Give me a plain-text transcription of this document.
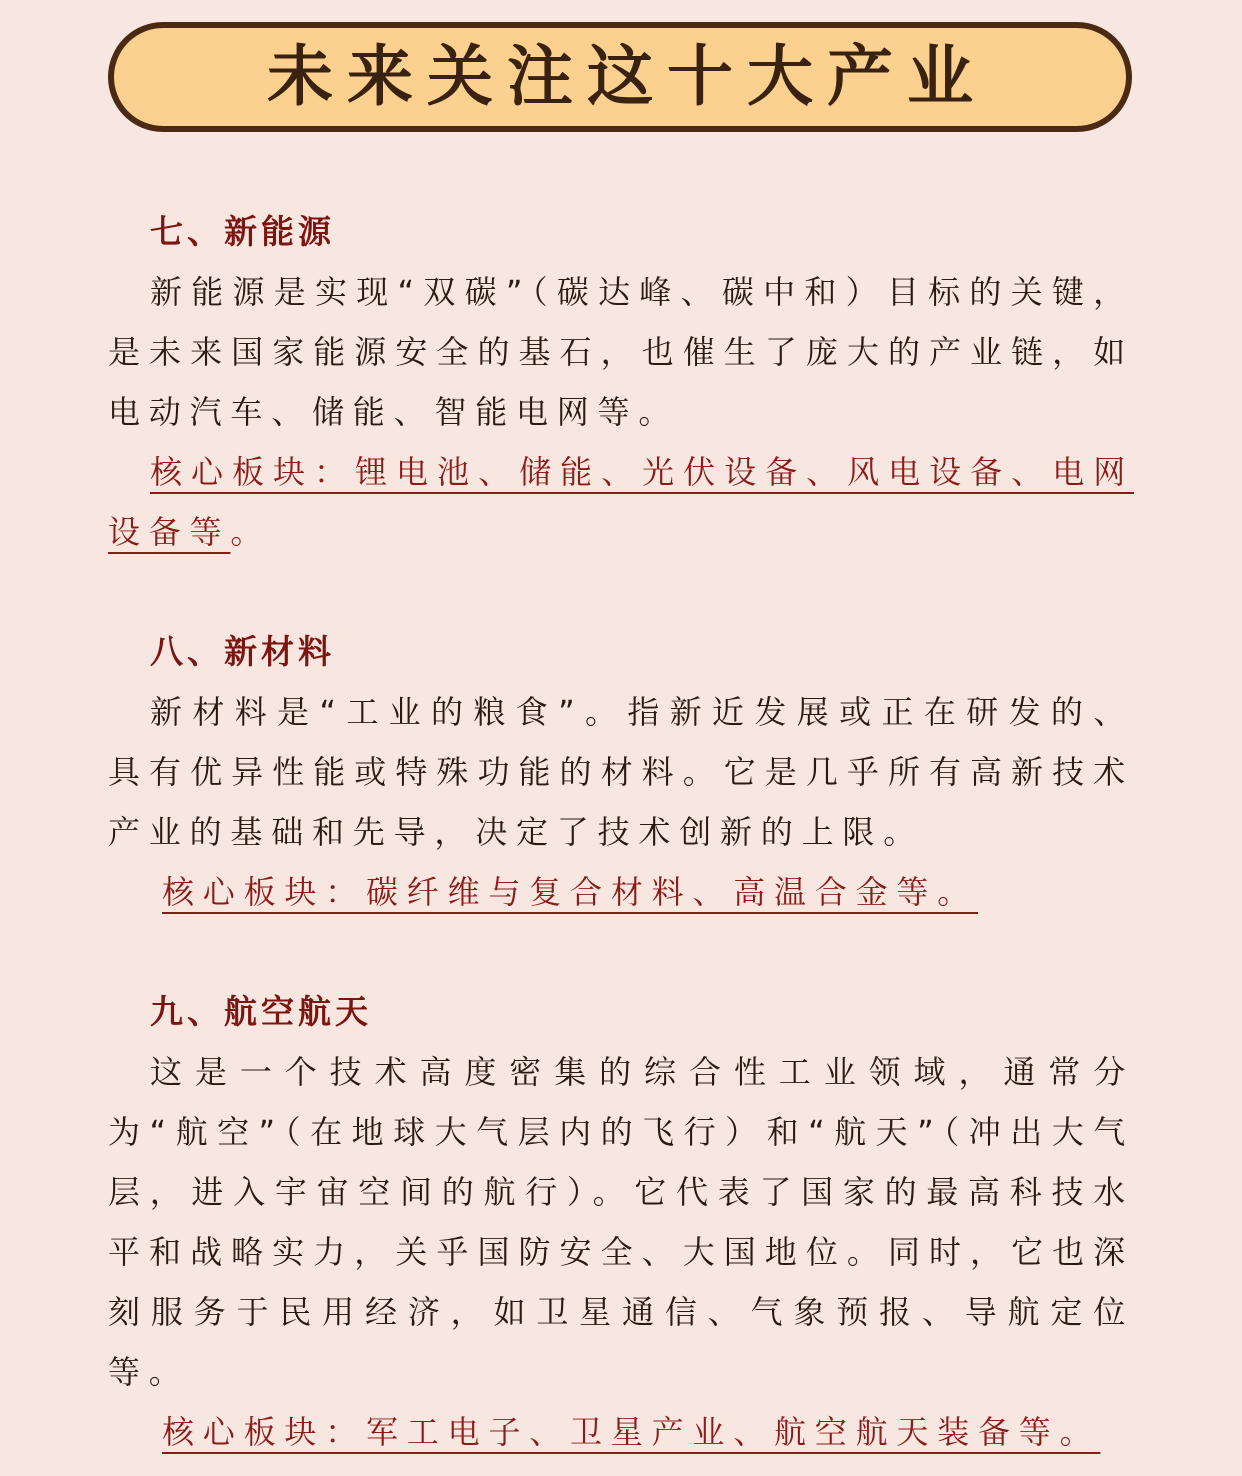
未来关注这十大产业
七、新能源

新能源是实现“双碳”（碳达峰、碳中和）目标的关键，是未来国家能源安全的基石，也催生了庞大的产业链，如电动汽车、储能、智能电网等。

核心板块：锂电池、储能、光伏设备、风电设备、电网设备等。

八、新材料

新材料是“工业的粮食”。指新近发展或正在研发的、具有优异性能或特殊功能的材料。它是几乎所有高新技术产业的基础和先导，决定了技术创新的上限。

核心板块：碳纤维与复合材料、高温合金等。

九、航空航天

这是一个技术高度密集的综合性工业领域，通常分为“航空”（在地球大气层内的飞行）和“航天”（冲出大气层，进入宇宙空间的航行）。它代表了国家的最高科技水平和战略实力，关乎国防安全、大国地位。同时，它也深刻服务于民用经济，如卫星通信、气象预报、导航定位等。

核心板块：军工电子、卫星产业、航空航天装备等。
